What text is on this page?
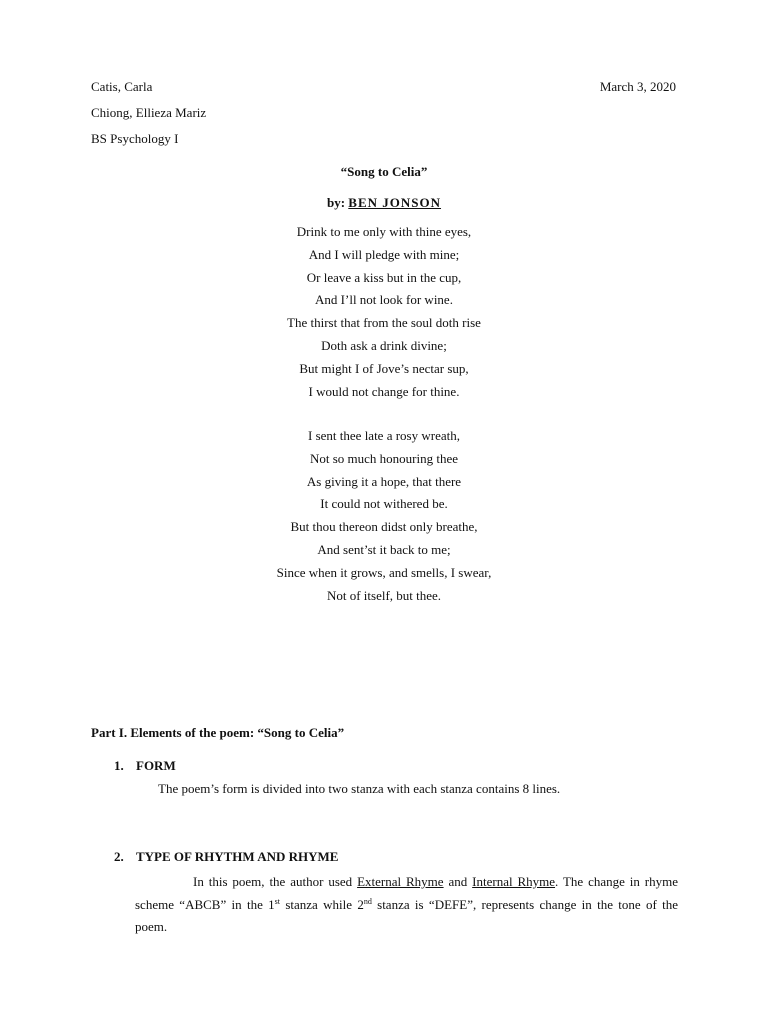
Catis, Carla
Chiong, Ellieza Mariz
BS Psychology I
March 3, 2020
“Song to Celia”
by: BEN JONSON
Drink to me only with thine eyes,
And I will pledge with mine;
Or leave a kiss but in the cup,
And I’ll not look for wine.
The thirst that from the soul doth rise
Doth ask a drink divine;
But might I of Jove’s nectar sup,
I would not change for thine.
I sent thee late a rosy wreath,
Not so much honouring thee
As giving it a hope, that there
It could not withered be.
But thou thereon didst only breathe,
And sent’st it back to me;
Since when it grows, and smells, I swear,
Not of itself, but thee.
Part I. Elements of the poem: “Song to Celia”
1. FORM
The poem’s form is divided into two stanza with each stanza contains 8 lines.
2. TYPE OF RHYTHM AND RHYME
In this poem, the author used External Rhyme and Internal Rhyme. The change in rhyme scheme “ABCB” in the 1st stanza while 2nd stanza is “DEFE”, represents change in the tone of the poem.
